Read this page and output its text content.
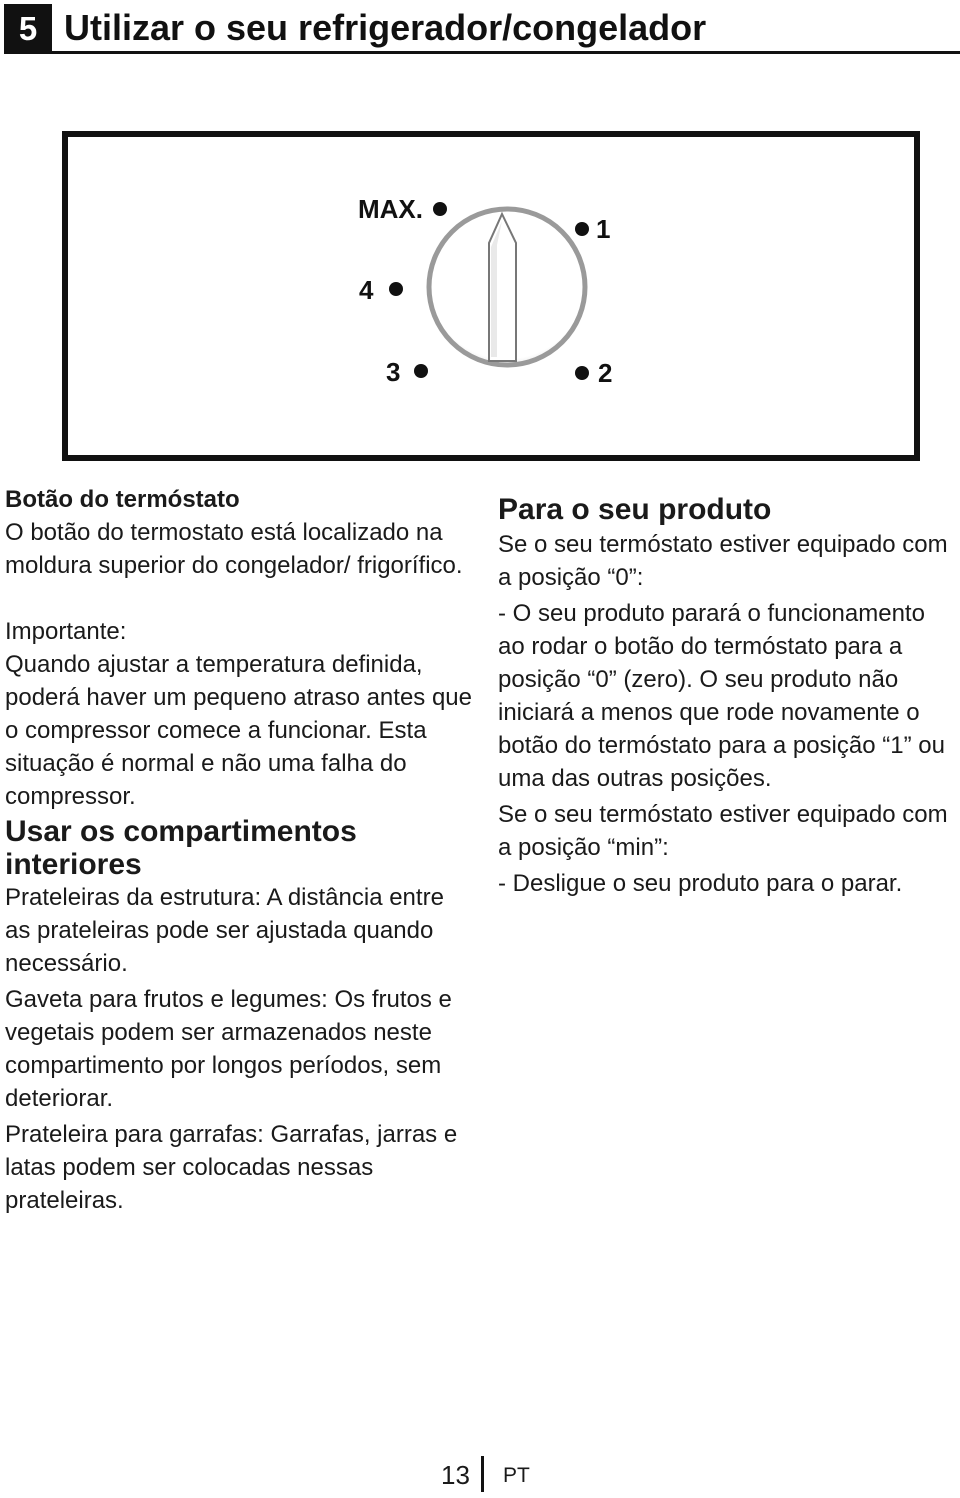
5 Utilizar o seu refrigerador/congelador
MAX.
1
4
3	2

Botão do termóstato

O botão do termostato está localizado na moldura superior do congelador/ frigorífico.

Importante:

Quando ajustar a temperatura definida, poderá haver um pequeno atraso antes que o compressor comece a funcionar. Esta situação é normal e não uma falha do compressor.

Usar os compartimentos interiores

Prateleiras da estrutura: A distância entre as prateleiras pode ser ajustada quando necessário.

Gaveta para frutos e legumes: Os frutos e vegetais podem ser armazenados neste compartimento por longos períodos, sem deteriorar.

Prateleira para garrafas: Garrafas, jarras e latas podem ser colocadas nessas prateleiras.

Para o seu produto

Se o seu termóstato estiver equipado com a posição “0”:

- O seu produto parará o funcionamento ao rodar o botão do termóstato para a posição “0” (zero). O seu produto não iniciará a menos que rode novamente o botão do termóstato para a posição “1” ou uma das outras posições.

Se o seu termóstato estiver equipado com a posição “min”:

- Desligue o seu produto para o parar.

13 PT
